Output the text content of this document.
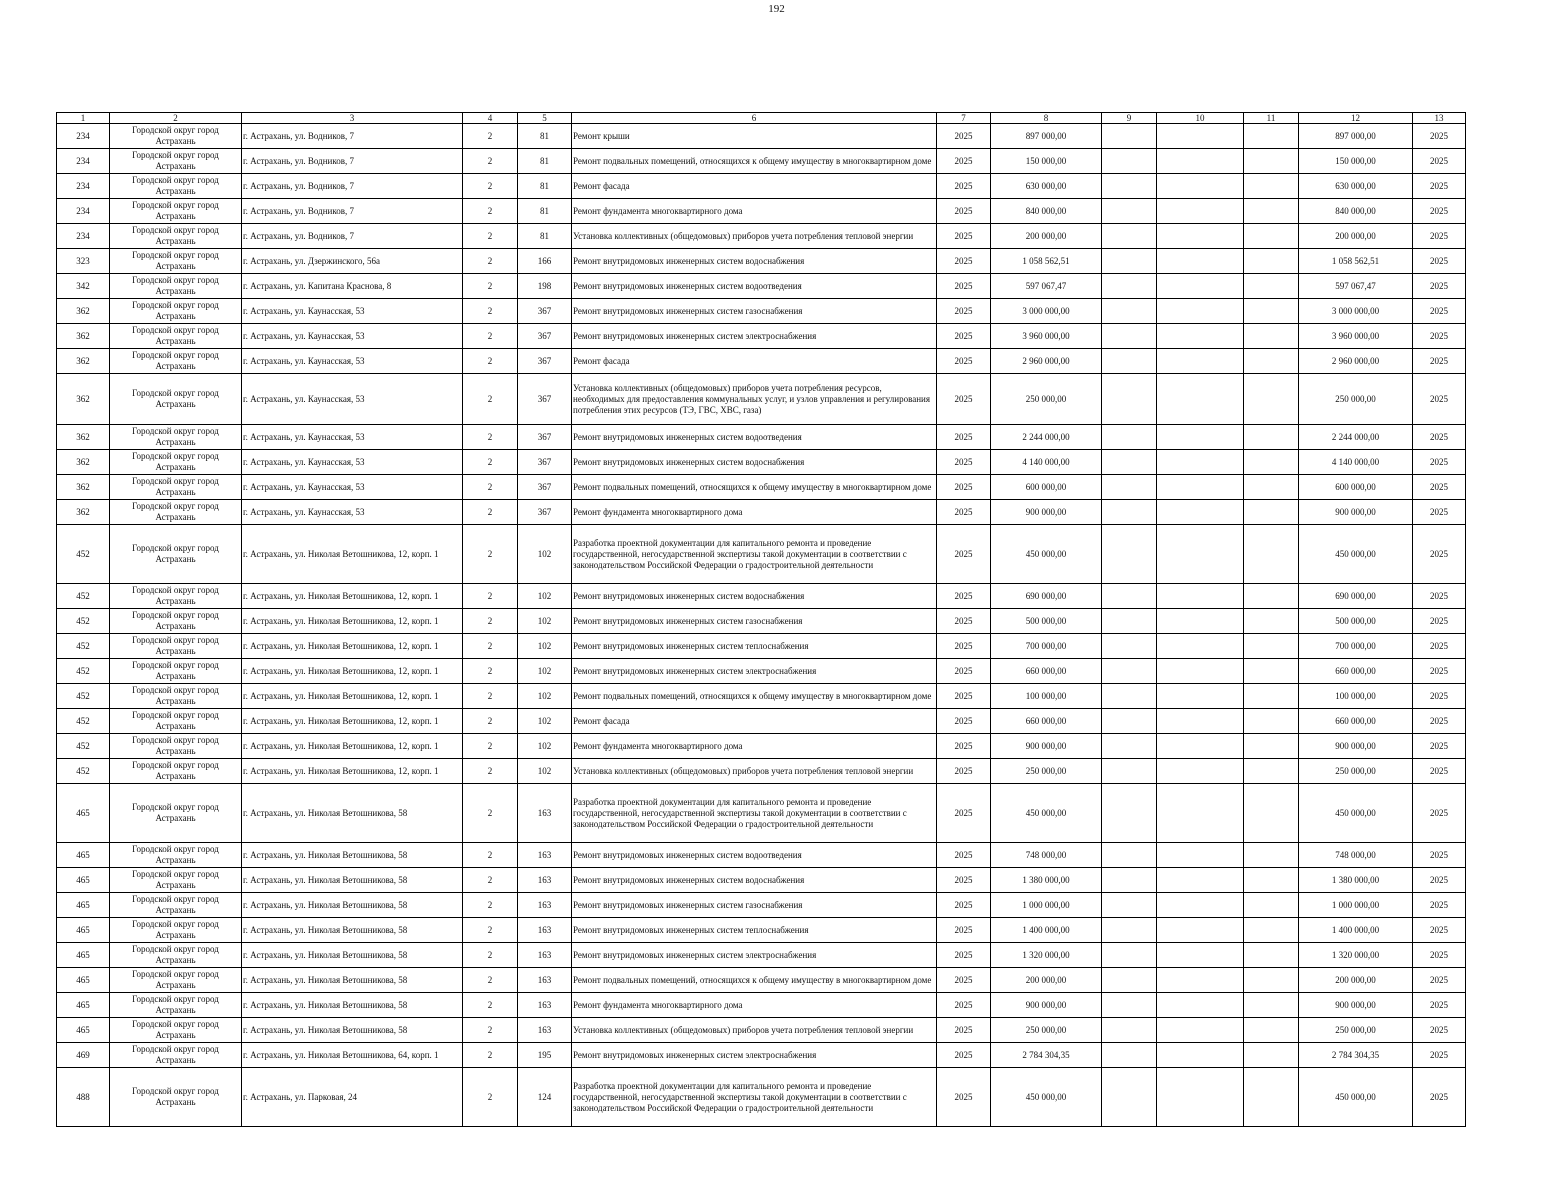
192
1	2	3	4	5	6	7	8	9	10	11	12	13
234	Городской округ город Астрахань	г. Астрахань, ул. Водников, 7	2	81	Ремонт крыши	2025	897 000,00				897 000,00	2025
234	Городской округ город Астрахань	г. Астрахань, ул. Водников, 7	2	81	Ремонт подвальных помещений, относящихся к общему имуществу в многоквартирном доме	2025	150 000,00				150 000,00	2025
234	Городской округ город Астрахань	г. Астрахань, ул. Водников, 7	2	81	Ремонт фасада	2025	630 000,00				630 000,00	2025
234	Городской округ город Астрахань	г. Астрахань, ул. Водников, 7	2	81	Ремонт фундамента многоквартирного дома	2025	840 000,00				840 000,00	2025
234	Городской округ город Астрахань	г. Астрахань, ул. Водников, 7	2	81	Установка коллективных (общедомовых) приборов учета потребления тепловой энергии	2025	200 000,00				200 000,00	2025
323	Городской округ город Астрахань	г. Астрахань, ул. Дзержинского, 56а	2	166	Ремонт внутридомовых инженерных систем водоснабжения	2025	1 058 562,51				1 058 562,51	2025
342	Городской округ город Астрахань	г. Астрахань, ул. Капитана Краснова, 8	2	198	Ремонт внутридомовых инженерных систем водоотведения	2025	597 067,47				597 067,47	2025
362	Городской округ город Астрахань	г. Астрахань, ул. Каунасская, 53	2	367	Ремонт внутридомовых инженерных систем газоснабжения	2025	3 000 000,00				3 000 000,00	2025
362	Городской округ город Астрахань	г. Астрахань, ул. Каунасская, 53	2	367	Ремонт внутридомовых инженерных систем электроснабжения	2025	3 960 000,00				3 960 000,00	2025
362	Городской округ город Астрахань	г. Астрахань, ул. Каунасская, 53	2	367	Ремонт фасада	2025	2 960 000,00				2 960 000,00	2025
362	Городской округ город Астрахань	г. Астрахань, ул. Каунасская, 53	2	367	Установка коллективных (общедомовых) приборов учета потребления ресурсов, необходимых для предоставления коммунальных услуг, и узлов управления и регулирования потребления этих ресурсов (ТЭ, ГВС, ХВС, газа)	2025	250 000,00				250 000,00	2025
362	Городской округ город Астрахань	г. Астрахань, ул. Каунасская, 53	2	367	Ремонт внутридомовых инженерных систем водоотведения	2025	2 244 000,00				2 244 000,00	2025
362	Городской округ город Астрахань	г. Астрахань, ул. Каунасская, 53	2	367	Ремонт внутридомовых инженерных систем водоснабжения	2025	4 140 000,00				4 140 000,00	2025
362	Городской округ город Астрахань	г. Астрахань, ул. Каунасская, 53	2	367	Ремонт подвальных помещений, относящихся к общему имуществу в многоквартирном доме	2025	600 000,00				600 000,00	2025
362	Городской округ город Астрахань	г. Астрахань, ул. Каунасская, 53	2	367	Ремонт фундамента многоквартирного дома	2025	900 000,00				900 000,00	2025
452	Городской округ город Астрахань	г. Астрахань, ул. Николая Ветошникова, 12, корп. 1	2	102	Разработка проектной документации для капитального ремонта и проведение государственной, негосударственной экспертизы такой документации в соответствии с законодательством Российской Федерации о градостроительной деятельности	2025	450 000,00				450 000,00	2025
452	Городской округ город Астрахань	г. Астрахань, ул. Николая Ветошникова, 12, корп. 1	2	102	Ремонт внутридомовых инженерных систем водоснабжения	2025	690 000,00				690 000,00	2025
452	Городской округ город Астрахань	г. Астрахань, ул. Николая Ветошникова, 12, корп. 1	2	102	Ремонт внутридомовых инженерных систем газоснабжения	2025	500 000,00				500 000,00	2025
452	Городской округ город Астрахань	г. Астрахань, ул. Николая Ветошникова, 12, корп. 1	2	102	Ремонт внутридомовых инженерных систем теплоснабжения	2025	700 000,00				700 000,00	2025
452	Городской округ город Астрахань	г. Астрахань, ул. Николая Ветошникова, 12, корп. 1	2	102	Ремонт внутридомовых инженерных систем электроснабжения	2025	660 000,00				660 000,00	2025
452	Городской округ город Астрахань	г. Астрахань, ул. Николая Ветошникова, 12, корп. 1	2	102	Ремонт подвальных помещений, относящихся к общему имуществу в многоквартирном доме	2025	100 000,00				100 000,00	2025
452	Городской округ город Астрахань	г. Астрахань, ул. Николая Ветошникова, 12, корп. 1	2	102	Ремонт фасада	2025	660 000,00				660 000,00	2025
452	Городской округ город Астрахань	г. Астрахань, ул. Николая Ветошникова, 12, корп. 1	2	102	Ремонт фундамента многоквартирного дома	2025	900 000,00				900 000,00	2025
452	Городской округ город Астрахань	г. Астрахань, ул. Николая Ветошникова, 12, корп. 1	2	102	Установка коллективных (общедомовых) приборов учета потребления тепловой энергии	2025	250 000,00				250 000,00	2025
465	Городской округ город Астрахань	г. Астрахань, ул. Николая Ветошникова, 58	2	163	Разработка проектной документации для капитального ремонта и проведение государственной, негосударственной экспертизы такой документации в соответствии с законодательством Российской Федерации о градостроительной деятельности	2025	450 000,00				450 000,00	2025
465	Городской округ город Астрахань	г. Астрахань, ул. Николая Ветошникова, 58	2	163	Ремонт внутридомовых инженерных систем водоотведения	2025	748 000,00				748 000,00	2025
465	Городской округ город Астрахань	г. Астрахань, ул. Николая Ветошникова, 58	2	163	Ремонт внутридомовых инженерных систем водоснабжения	2025	1 380 000,00				1 380 000,00	2025
465	Городской округ город Астрахань	г. Астрахань, ул. Николая Ветошникова, 58	2	163	Ремонт внутридомовых инженерных систем газоснабжения	2025	1 000 000,00				1 000 000,00	2025
465	Городской округ город Астрахань	г. Астрахань, ул. Николая Ветошникова, 58	2	163	Ремонт внутридомовых инженерных систем теплоснабжения	2025	1 400 000,00				1 400 000,00	2025
465	Городской округ город Астрахань	г. Астрахань, ул. Николая Ветошникова, 58	2	163	Ремонт внутридомовых инженерных систем электроснабжения	2025	1 320 000,00				1 320 000,00	2025
465	Городской округ город Астрахань	г. Астрахань, ул. Николая Ветошникова, 58	2	163	Ремонт подвальных помещений, относящихся к общему имуществу в многоквартирном доме	2025	200 000,00				200 000,00	2025
465	Городской округ город Астрахань	г. Астрахань, ул. Николая Ветошникова, 58	2	163	Ремонт фундамента многоквартирного дома	2025	900 000,00				900 000,00	2025
465	Городской округ город Астрахань	г. Астрахань, ул. Николая Ветошникова, 58	2	163	Установка коллективных (общедомовых) приборов учета потребления тепловой энергии	2025	250 000,00				250 000,00	2025
469	Городской округ город Астрахань	г. Астрахань, ул. Николая Ветошникова, 64, корп. 1	2	195	Ремонт внутридомовых инженерных систем электроснабжения	2025	2 784 304,35				2 784 304,35	2025
488	Городской округ город Астрахань	г. Астрахань, ул. Парковая, 24	2	124	Разработка проектной документации для капитального ремонта и проведение государственной, негосударственной экспертизы такой документации в соответствии с законодательством Российской Федерации о градостроительной деятельности	2025	450 000,00				450 000,00	2025
